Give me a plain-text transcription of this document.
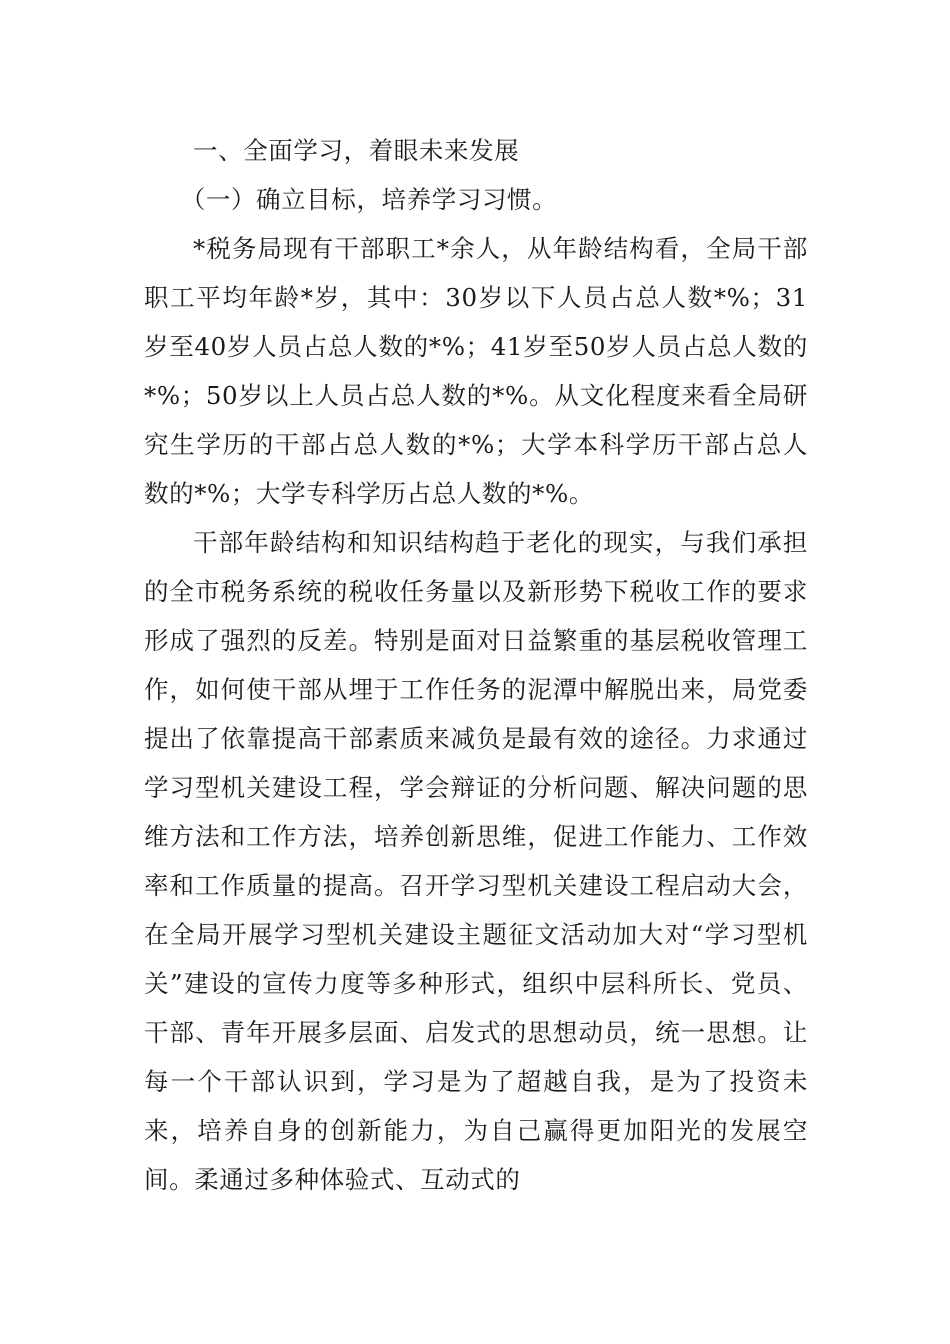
一、全面学习，着眼未来发展

（一）确立目标，培养学习习惯。

*税务局现有干部职工*余人，从年龄结构看，全局干部职工平均年龄*岁，其中：30岁以下人员占总人数*%；31岁至40岁人员占总人数的*%；41岁至50岁人员占总人数的*%；50岁以上人员占总人数的*%。从文化程度来看全局研究生学历的干部占总人数的*%；大学本科学历干部占总人数的*%；大学专科学历占总人数的*%。

干部年龄结构和知识结构趋于老化的现实，与我们承担的全市税务系统的税收任务量以及新形势下税收工作的要求形成了强烈的反差。特别是面对日益繁重的基层税收管理工作，如何使干部从埋于工作任务的泥潭中解脱出来，局党委提出了依靠提高干部素质来减负是最有效的途径。力求通过学习型机关建设工程，学会辩证的分析问题、解决问题的思维方法和工作方法，培养创新思维，促进工作能力、工作效率和工作质量的提高。召开学习型机关建设工程启动大会，在全局开展学习型机关建设主题征文活动加大对“学习型机关”建设的宣传力度等多种形式，组织中层科所长、党员、干部、青年开展多层面、启发式的思想动员，统一思想。让每一个干部认识到，学习是为了超越自我，是为了投资未来，培养自身的创新能力，为自己赢得更加阳光的发展空间。柔通过多种体验式、互动式的
